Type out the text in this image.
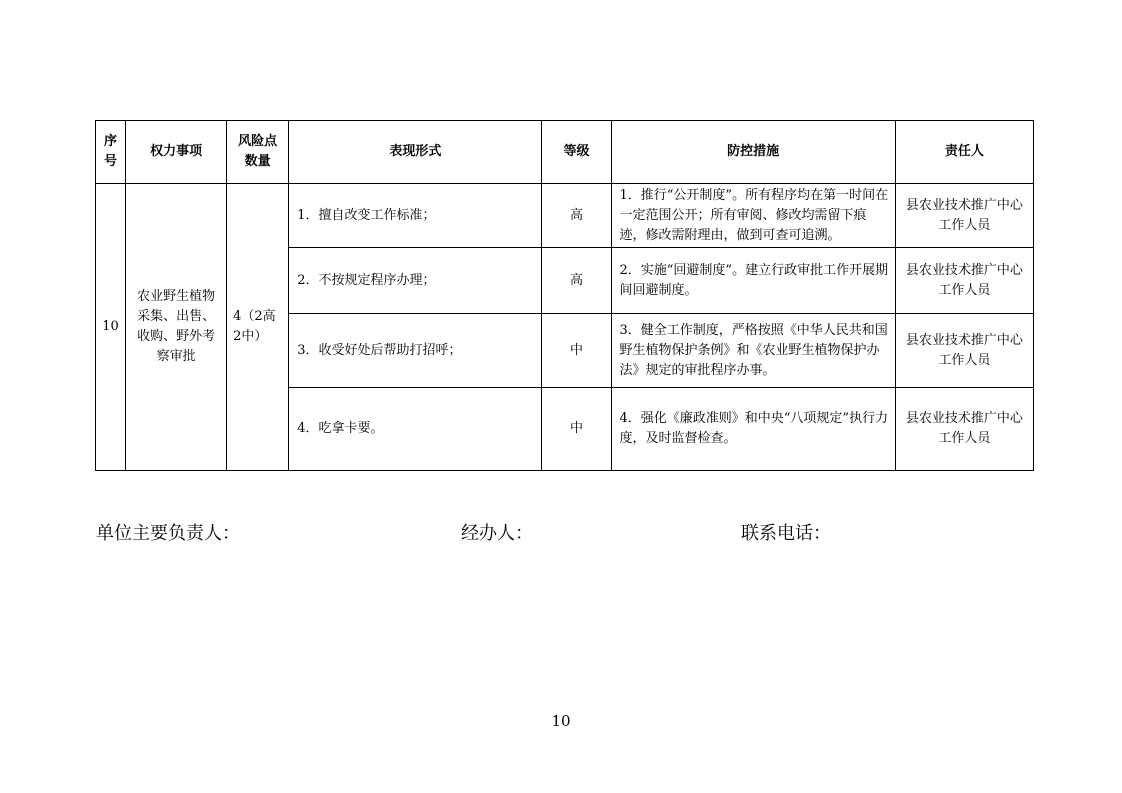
序号	权力事项	风险点数量	表现形式	等级	防控措施	责任人
10	农业野生植物采集、出售、收购、野外考察审批	4（2高 2中）	1．擅自改变工作标准；	高	1．推行“公开制度”。所有程序均在第一时间在一定范围公开；所有审阅、修改均需留下痕迹，修改需附理由，做到可查可追溯。	县农业技术推广中心工作人员
			2．不按规定程序办理；	高	2．实施“回避制度”。建立行政审批工作开展期间回避制度。	县农业技术推广中心工作人员
			3．收受好处后帮助打招呼；	中	3．健全工作制度，严格按照《中华人民共和国野生植物保护条例》和《农业野生植物保护办法》规定的审批程序办事。	县农业技术推广中心工作人员
			4．吃拿卡要。	中	4．强化《廉政准则》和中央“八项规定”执行力度，及时监督检查。	县农业技术推广中心工作人员
单位主要负责人：	经办人：	联系电话：
10
